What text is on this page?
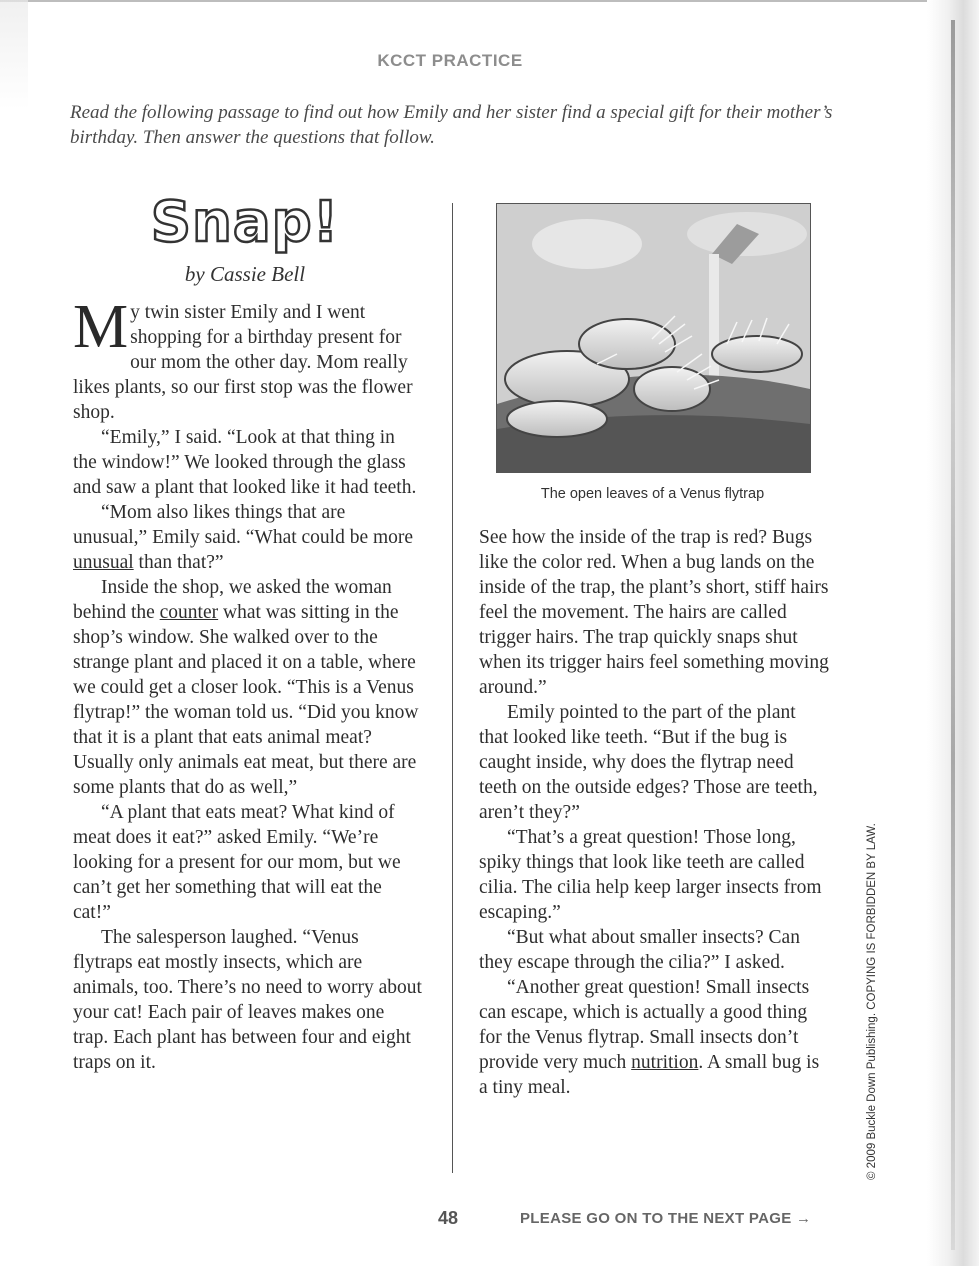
KCCT PRACTICE
Read the following passage to find out how Emily and her sister find a special gift for their mother’s birthday. Then answer the questions that follow.
Snap!
by Cassie Bell

My twin sister Emily and I went shopping for a birthday present for our mom the other day. Mom really likes plants, so our first stop was the flower shop.

“Emily,” I said. “Look at that thing in the window!” We looked through the glass and saw a plant that looked like it had teeth.

“Mom also likes things that are unusual,” Emily said. “What could be more unusual than that?”

Inside the shop, we asked the woman behind the counter what was sitting in the shop’s window. She walked over to the strange plant and placed it on a table, where we could get a closer look. “This is a Venus flytrap!” the woman told us. “Did you know that it is a plant that eats animal meat? Usually only animals eat meat, but there are some plants that do as well,”

“A plant that eats meat? What kind of meat does it eat?” asked Emily. “We’re looking for a present for our mom, but we can’t get her something that will eat the cat!”

The salesperson laughed. “Venus flytraps eat mostly insects, which are animals, too. There’s no need to worry about your cat! Each pair of leaves makes one trap. Each plant has between four and eight traps on it.

The open leaves of a Venus flytrap

See how the inside of the trap is red? Bugs like the color red. When a bug lands on the inside of the trap, the plant’s short, stiff hairs feel the movement. The hairs are called trigger hairs. The trap quickly snaps shut when its trigger hairs feel something moving around.”

Emily pointed to the part of the plant that looked like teeth. “But if the bug is caught inside, why does the flytrap need teeth on the outside edges? Those are teeth, aren’t they?”

“That’s a great question! Those long, spiky things that look like teeth are called cilia. The cilia help keep larger insects from escaping.”

“But what about smaller insects? Can they escape through the cilia?” I asked.

“Another great question! Small insects can escape, which is actually a good thing for the Venus flytrap. Small insects don’t provide very much nutrition. A small bug is a tiny meal.	© 2009 Buckle Down Publishing. COPYING IS FORBIDDEN BY LAW.
48	PLEASE GO ON TO THE NEXT PAGE →
